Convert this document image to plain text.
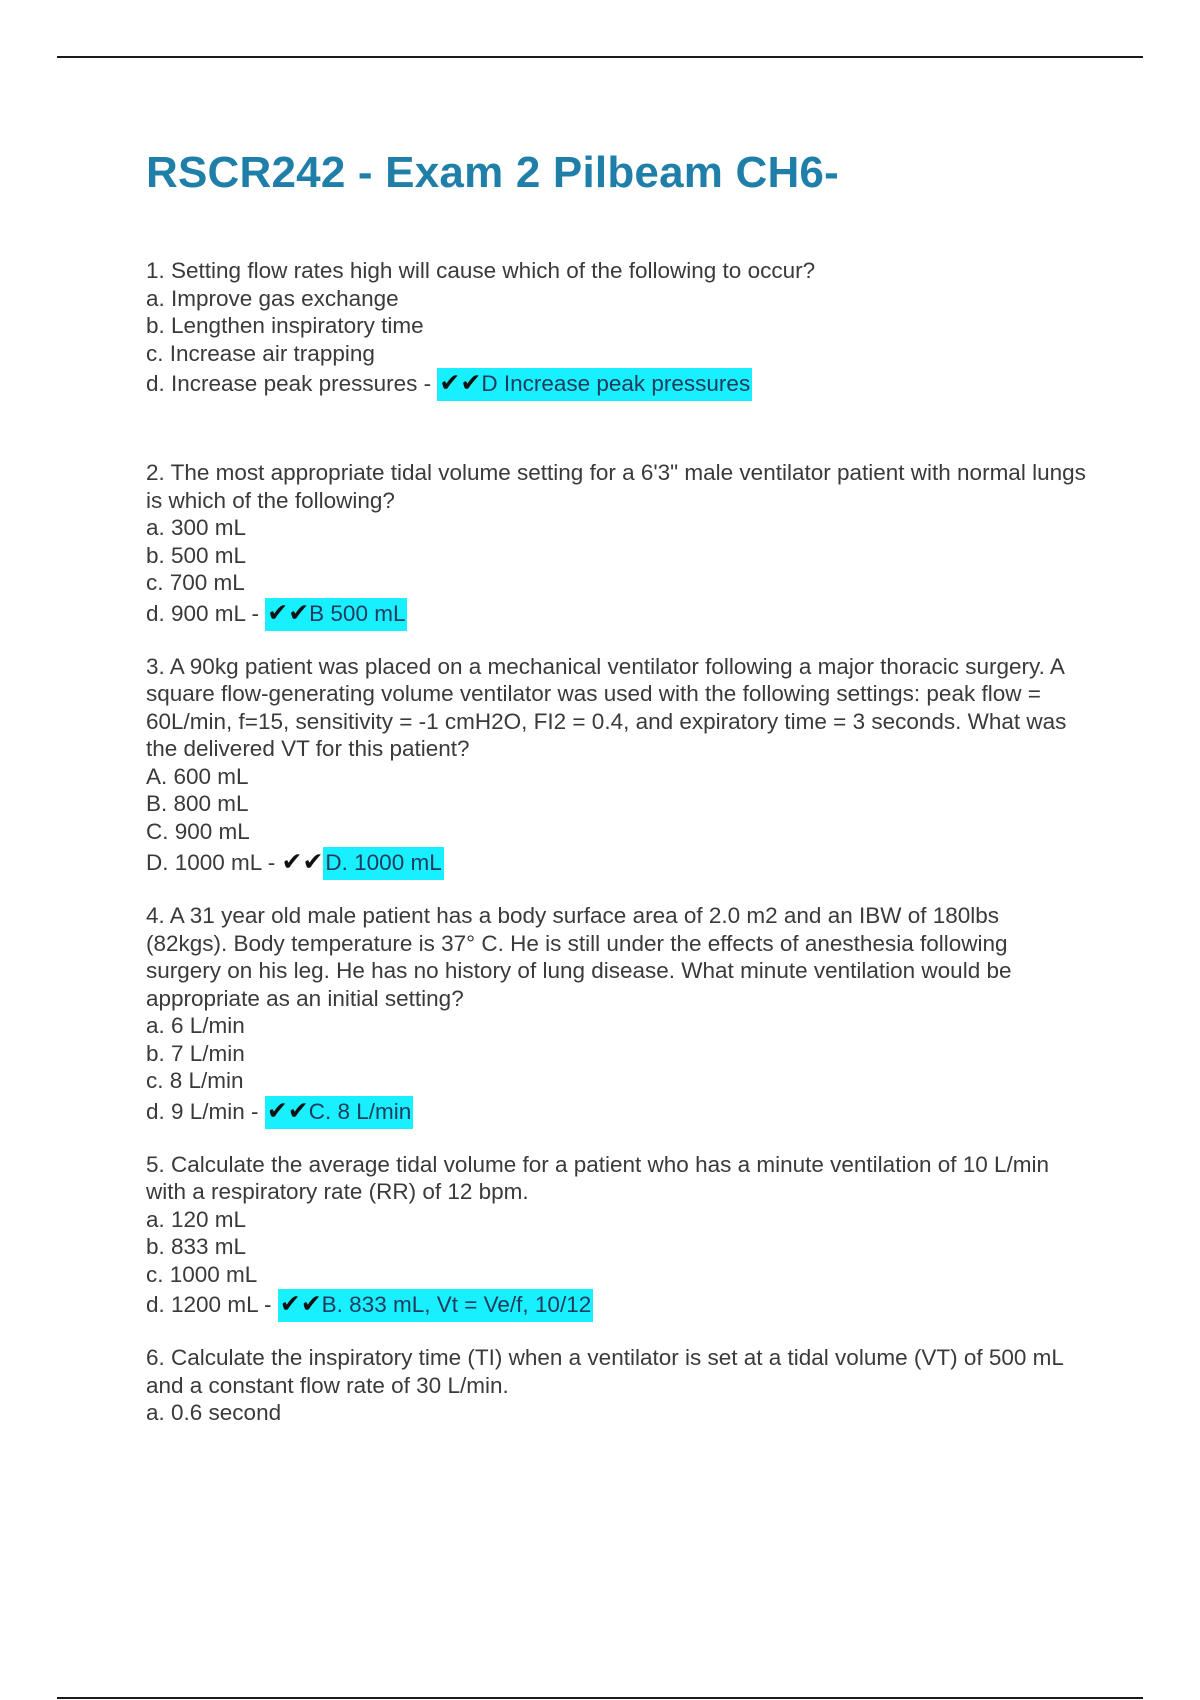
RSCR242 - Exam 2 Pilbeam CH6-

1. Setting flow rates high will cause which of the following to occur?

a. Improve gas exchange

b. Lengthen inspiratory time

c. Increase air trapping

d. Increase peak pressures - ✔✔D Increase peak pressures

2. The most appropriate tidal volume setting for a 6'3" male ventilator patient with normal lungs is which of the following?

a. 300 mL

b. 500 mL

c. 700 mL

d. 900 mL - ✔✔B 500 mL

3. A 90kg patient was placed on a mechanical ventilator following a major thoracic surgery. A square flow-generating volume ventilator was used with the following settings: peak flow = 60L/min, f=15, sensitivity = -1 cmH2O, FI2 = 0.4, and expiratory time = 3 seconds. What was the delivered VT for this patient?

A. 600 mL

B. 800 mL

C. 900 mL

D. 1000 mL - ✔✔D. 1000 mL

4. A 31 year old male patient has a body surface area of 2.0 m2 and an IBW of 180lbs (82kgs). Body temperature is 37° C. He is still under the effects of anesthesia following surgery on his leg. He has no history of lung disease. What minute ventilation would be appropriate as an initial setting?

a. 6 L/min

b. 7 L/min

c. 8 L/min

d. 9 L/min - ✔✔C. 8 L/min

5. Calculate the average tidal volume for a patient who has a minute ventilation of 10 L/min with a respiratory rate (RR) of 12 bpm.

a. 120 mL

b. 833 mL

c. 1000 mL

d. 1200 mL - ✔✔B. 833 mL, Vt = Ve/f, 10/12

6. Calculate the inspiratory time (TI) when a ventilator is set at a tidal volume (VT) of 500 mL and a constant flow rate of 30 L/min.

a. 0.6 second
